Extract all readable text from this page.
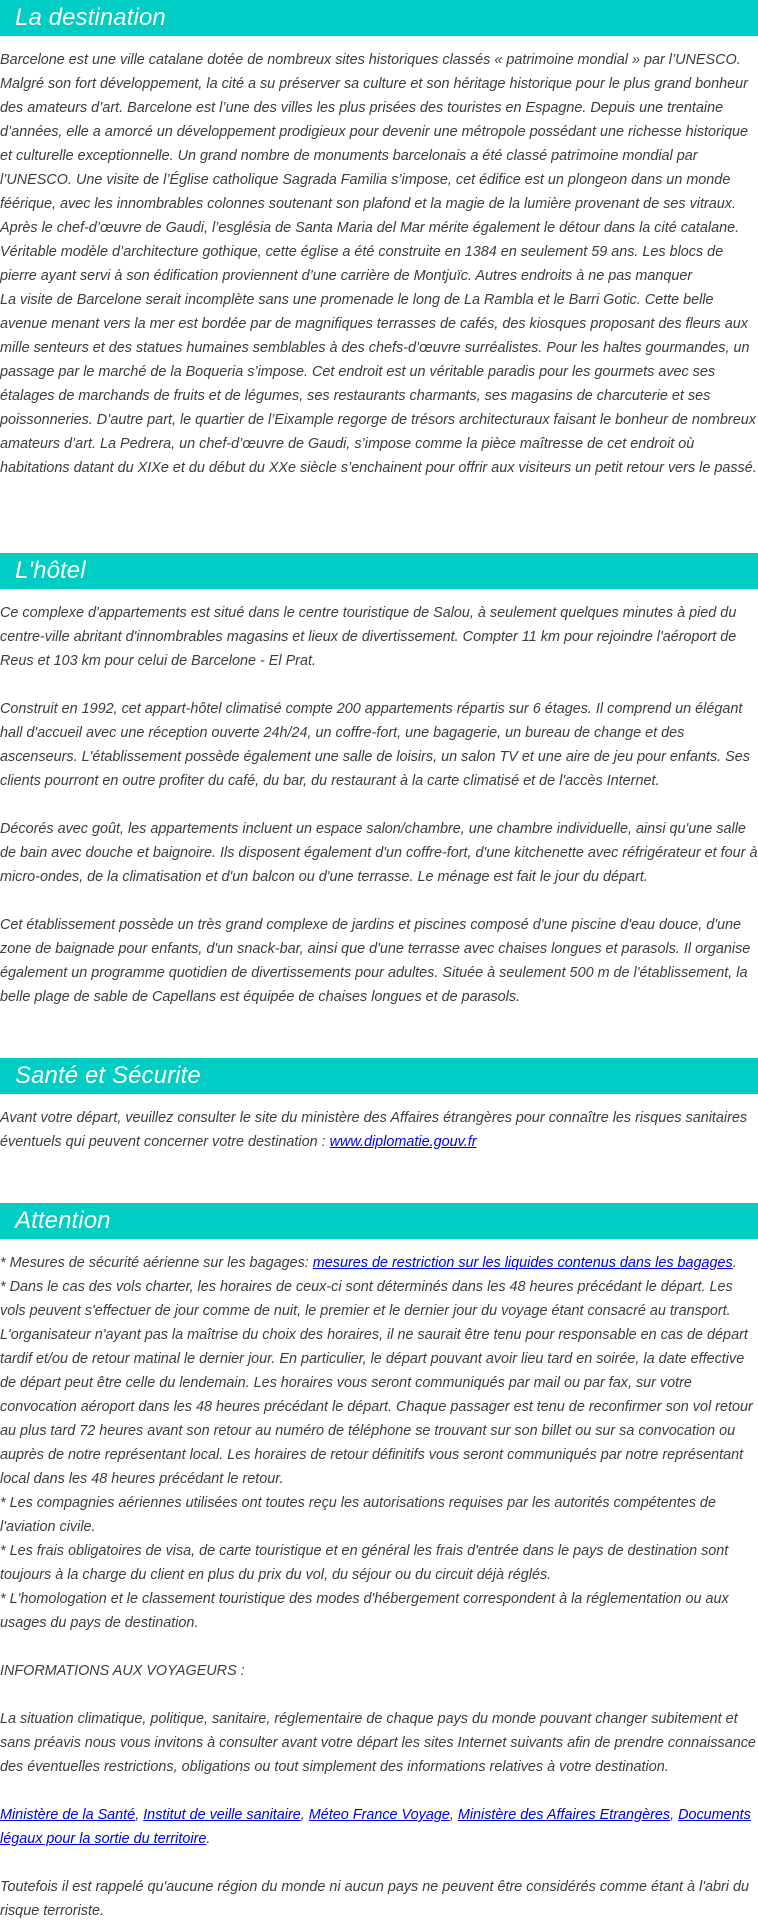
La destination

Barcelone est une ville catalane dotée de nombreux sites historiques classés « patrimoine mondial » par l’UNESCO. Malgré son fort développement, la cité a su préserver sa culture et son héritage historique pour le plus grand bonheur des amateurs d’art. Barcelone est l’une des villes les plus prisées des touristes en Espagne. Depuis une trentaine d’années, elle a amorcé un développement prodigieux pour devenir une métropole possédant une richesse historique et culturelle exceptionnelle. Un grand nombre de monuments barcelonais a été classé patrimoine mondial par l’UNESCO. Une visite de l’Église catholique Sagrada Familia s’impose, cet édifice est un plongeon dans un monde féérique, avec les innombrables colonnes soutenant son plafond et la magie de la lumière provenant de ses vitraux. Après le chef-d’œuvre de Gaudi, l’església de Santa Maria del Mar mérite également le détour dans la cité catalane. Véritable modèle d’architecture gothique, cette église a été construite en 1384 en seulement 59 ans. Les blocs de pierre ayant servi à son édification proviennent d’une carrière de Montjuïc. Autres endroits à ne pas manquer

La visite de Barcelone serait incomplète sans une promenade le long de La Rambla et le Barri Gotic. Cette belle avenue menant vers la mer est bordée par de magnifiques terrasses de cafés, des kiosques proposant des fleurs aux mille senteurs et des statues humaines semblables à des chefs-d’œuvre surréalistes. Pour les haltes gourmandes, un passage par le marché de la Boqueria s’impose. Cet endroit est un véritable paradis pour les gourmets avec ses étalages de marchands de fruits et de légumes, ses restaurants charmants, ses magasins de charcuterie et ses poissonneries. D’autre part, le quartier de l’Eixample regorge de trésors architecturaux faisant le bonheur de nombreux amateurs d’art. La Pedrera, un chef-d’œuvre de Gaudi, s’impose comme la pièce maîtresse de cet endroit où habitations datant du XIXe et du début du XXe siècle s’enchainent pour offrir aux visiteurs un petit retour vers le passé.

L'hôtel

Ce complexe d'appartements est situé dans le centre touristique de Salou, à seulement quelques minutes à pied du centre-ville abritant d'innombrables magasins et lieux de divertissement. Compter 11 km pour rejoindre l'aéroport de Reus et 103 km pour celui de Barcelone - El Prat.

Construit en 1992, cet appart-hôtel climatisé compte 200 appartements répartis sur 6 étages. Il comprend un élégant hall d'accueil avec une réception ouverte 24h/24, un coffre-fort, une bagagerie, un bureau de change et des ascenseurs. L'établissement possède également une salle de loisirs, un salon TV et une aire de jeu pour enfants. Ses clients pourront en outre profiter du café, du bar, du restaurant à la carte climatisé et de l'accès Internet.

Décorés avec goût, les appartements incluent un espace salon/chambre, une chambre individuelle, ainsi qu'une salle de bain avec douche et baignoire. Ils disposent également d'un coffre-fort, d'une kitchenette avec réfrigérateur et four à micro-ondes, de la climatisation et d'un balcon ou d'une terrasse. Le ménage est fait le jour du départ.

Cet établissement possède un très grand complexe de jardins et piscines composé d'une piscine d'eau douce, d'une zone de baignade pour enfants, d'un snack-bar, ainsi que d'une terrasse avec chaises longues et parasols. Il organise également un programme quotidien de divertissements pour adultes. Située à seulement 500 m de l'établissement, la belle plage de sable de Capellans est équipée de chaises longues et de parasols.

Santé et Sécurite

Avant votre départ, veuillez consulter le site du ministère des Affaires étrangères pour connaître les risques sanitaires éventuels qui peuvent concerner votre destination : www.diplomatie.gouv.fr

Attention

* Mesures de sécurité aérienne sur les bagages: mesures de restriction sur les liquides contenus dans les bagages.

* Dans le cas des vols charter, les horaires de ceux-ci sont déterminés dans les 48 heures précédant le départ. Les vols peuvent s'effectuer de jour comme de nuit, le premier et le dernier jour du voyage étant consacré au transport. L'organisateur n'ayant pas la maîtrise du choix des horaires, il ne saurait être tenu pour responsable en cas de départ tardif et/ou de retour matinal le dernier jour. En particulier, le départ pouvant avoir lieu tard en soirée, la date effective de départ peut être celle du lendemain. Les horaires vous seront communiqués par mail ou par fax, sur votre convocation aéroport dans les 48 heures précédant le départ. Chaque passager est tenu de reconfirmer son vol retour au plus tard 72 heures avant son retour au numéro de téléphone se trouvant sur son billet ou sur sa convocation ou auprès de notre représentant local. Les horaires de retour définitifs vous seront communiqués par notre représentant local dans les 48 heures précédant le retour.

* Les compagnies aériennes utilisées ont toutes reçu les autorisations requises par les autorités compétentes de l'aviation civile.

* Les frais obligatoires de visa, de carte touristique et en général les frais d'entrée dans le pays de destination sont toujours à la charge du client en plus du prix du vol, du séjour ou du circuit déjà réglés.

* L'homologation et le classement touristique des modes d'hébergement correspondent à la réglementation ou aux usages du pays de destination.

INFORMATIONS AUX VOYAGEURS :

La situation climatique, politique, sanitaire, réglementaire de chaque pays du monde pouvant changer subitement et sans préavis nous vous invitons à consulter avant votre départ les sites Internet suivants afin de prendre connaissance des éventuelles restrictions, obligations ou tout simplement des informations relatives à votre destination.

Ministère de la Santé, Institut de veille sanitaire, Méteo France Voyage, Ministère des Affaires Etrangères, Documents légaux pour la sortie du territoire.

Toutefois il est rappelé qu'aucune région du monde ni aucun pays ne peuvent être considérés comme étant à l'abri du risque terroriste.
